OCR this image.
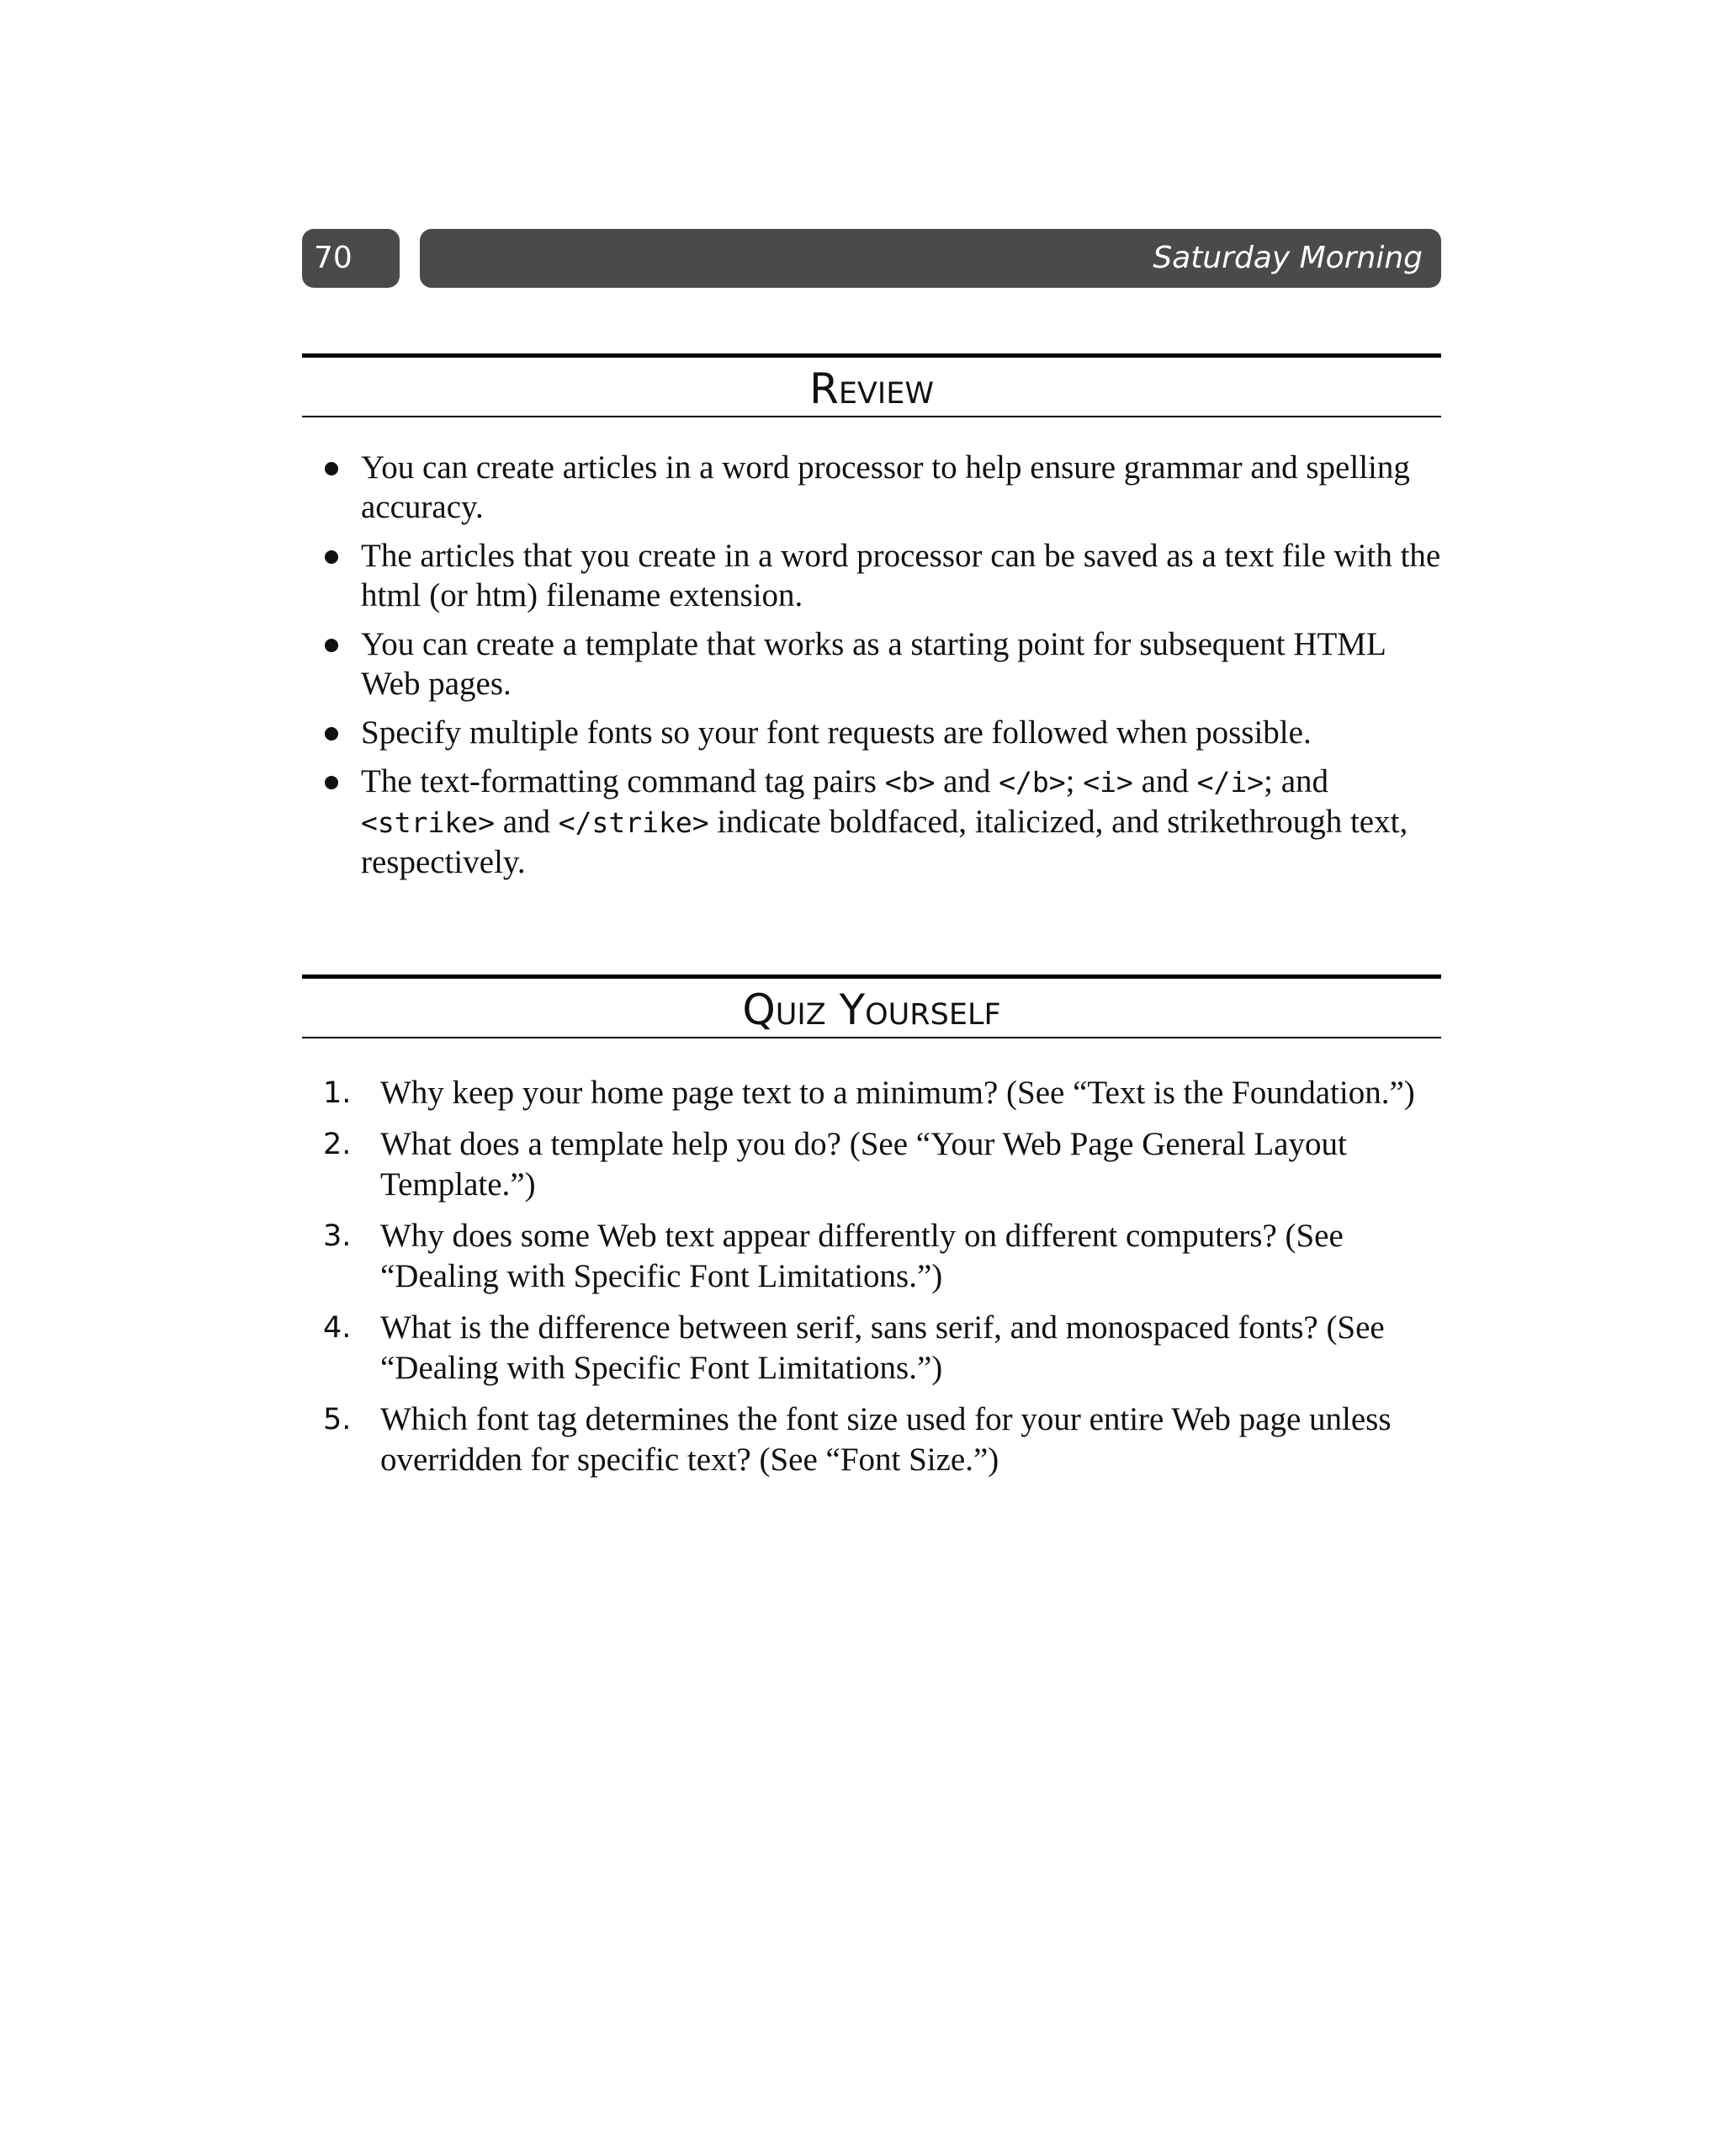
70	Saturday Morning
Review
You can create articles in a word processor to help ensure grammar and spelling accuracy.
The articles that you create in a word processor can be saved as a text file with the html (or htm) filename extension.
You can create a template that works as a starting point for subsequent HTML Web pages.
Specify multiple fonts so your font requests are followed when possible.
The text-formatting command tag pairs <b> and </b>; <i> and </i>; and <strike> and </strike> indicate boldfaced, italicized, and strikethrough text, respectively.
Quiz Yourself
1. Why keep your home page text to a minimum? (See “Text is the Foundation.”)
2. What does a template help you do? (See “Your Web Page General Layout Template.”)
3. Why does some Web text appear differently on different computers? (See “Dealing with Specific Font Limitations.”)
4. What is the difference between serif, sans serif, and monospaced fonts? (See “Dealing with Specific Font Limitations.”)
5. Which font tag determines the font size used for your entire Web page unless overridden for specific text? (See “Font Size.”)
